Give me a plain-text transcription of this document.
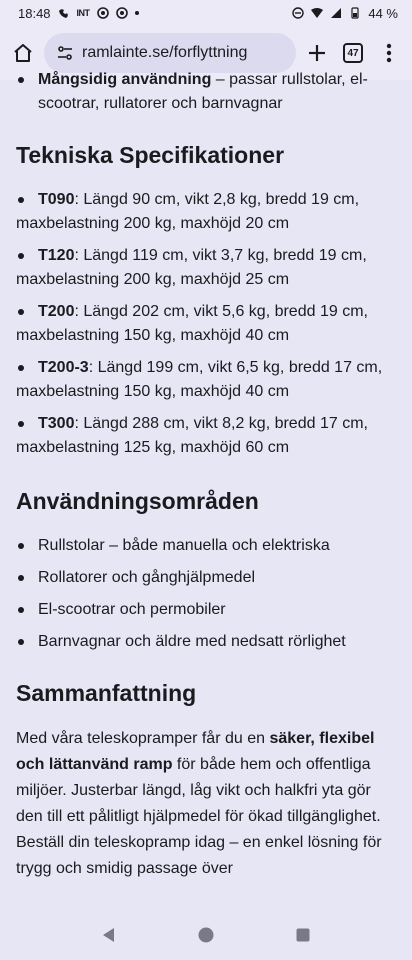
18:48	INT	44 %
ramlainte.se/forflyttning	47
Mångsidig användning – passar rullstolar, el-scootrar, rullatorer och barnvagnar
Tekniska Specifikationer
T090: Längd 90 cm, vikt 2,8 kg, bredd 19 cm, maxbelastning 200 kg, maxhöjd 20 cm
T120: Längd 119 cm, vikt 3,7 kg, bredd 19 cm, maxbelastning 200 kg, maxhöjd 25 cm
T200: Längd 202 cm, vikt 5,6 kg, bredd 19 cm, maxbelastning 150 kg, maxhöjd 40 cm
T200-3: Längd 199 cm, vikt 6,5 kg, bredd 17 cm, maxbelastning 150 kg, maxhöjd 40 cm
T300: Längd 288 cm, vikt 8,2 kg, bredd 17 cm, maxbelastning 125 kg, maxhöjd 60 cm
Användningsområden
Rullstolar – både manuella och elektriska
Rollatorer och gånghjälpmedel
El-scootrar och permobiler
Barnvagnar och äldre med nedsatt rörlighet
Sammanfattning

Med våra teleskopramper får du en säker, flexibel och lättanvänd ramp för både hem och offentliga miljöer. Justerbar längd, låg vikt och halkfri yta gör den till ett pålitligt hjälpmedel för ökad tillgänglighet. Beställ din teleskopramp idag – en enkel lösning för trygg och smidig passage över
